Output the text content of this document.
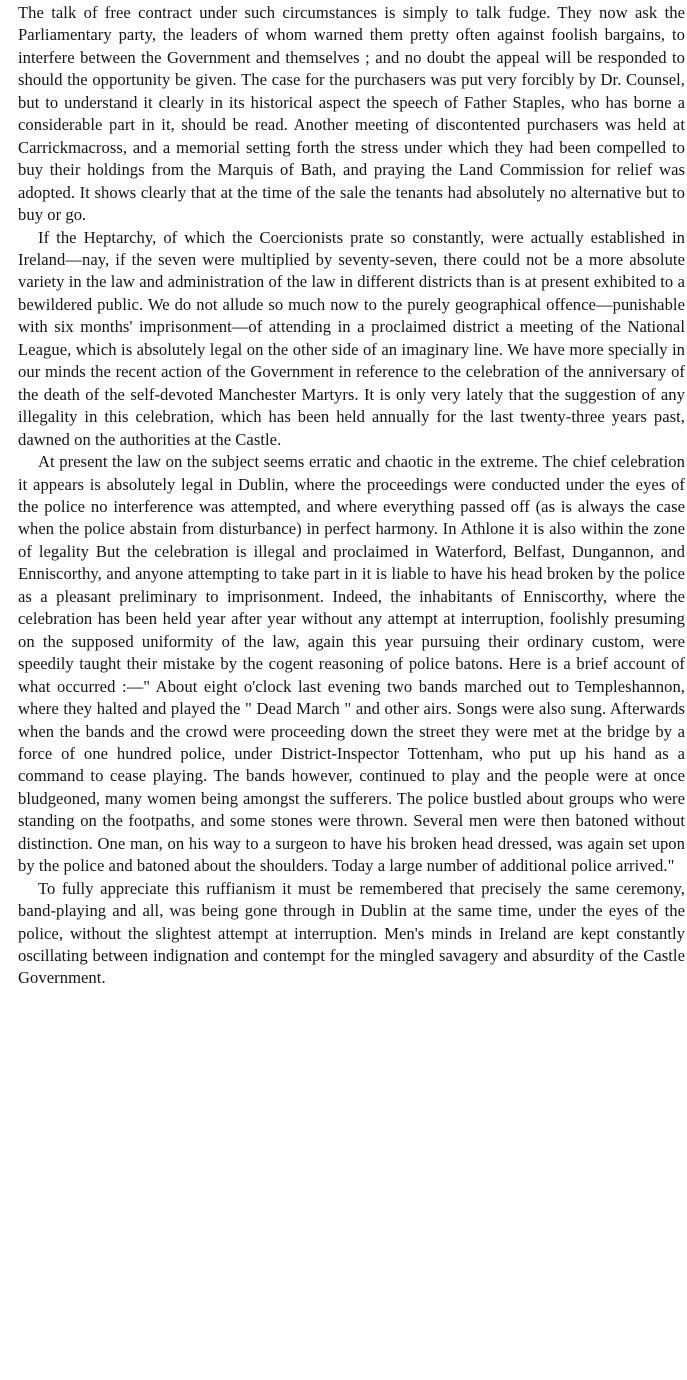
The talk of free contract under such circumstances is simply to talk fudge. They now ask the Parliamentary party, the leaders of whom warned them pretty often against foolish bargains, to interfere between the Government and themselves ; and no doubt the appeal will be responded to should the opportunity be given. The case for the purchasers was put very forcibly by Dr. Counsel, but to understand it clearly in its historical aspect the speech of Father Staples, who has borne a considerable part in it, should be read. Another meeting of discontented purchasers was held at Carrickmacross, and a memorial setting forth the stress under which they had been compelled to buy their holdings from the Marquis of Bath, and praying the Land Commission for relief was adopted. It shows clearly that at the time of the sale the tenants had absolutely no alternative but to buy or go.

If the Heptarchy, of which the Coercionists prate so constantly, were actually established in Ireland—nay, if the seven were multiplied by seventy-seven, there could not be a more absolute variety in the law and administration of the law in different districts than is at present exhibited to a bewildered public. We do not allude so much now to the purely geographical offence—punishable with six months' imprisonment—of attending in a proclaimed district a meeting of the National League, which is absolutely legal on the other side of an imaginary line. We have more specially in our minds the recent action of the Government in reference to the celebration of the anniversary of the death of the self-devoted Manchester Martyrs. It is only very lately that the suggestion of any illegality in this celebration, which has been held annually for the last twenty-three years past, dawned on the authorities at the Castle.

At present the law on the subject seems erratic and chaotic in the extreme. The chief celebration it appears is absolutely legal in Dublin, where the proceedings were conducted under the eyes of the police no interference was attempted, and where everything passed off (as is always the case when the police abstain from disturbance) in perfect harmony. In Athlone it is also within the zone of legality But the celebration is illegal and proclaimed in Waterford, Belfast, Dungannon, and Enniscorthy, and anyone attempting to take part in it is liable to have his head broken by the police as a pleasant preliminary to imprisonment. Indeed, the inhabitants of Enniscorthy, where the celebration has been held year after year without any attempt at interruption, foolishly presuming on the supposed uniformity of the law, again this year pursuing their ordinary custom, were speedily taught their mistake by the cogent reasoning of police batons. Here is a brief account of what occurred :—" About eight o'clock last evening two bands marched out to Templeshannon, where they halted and played the " Dead March " and other airs. Songs were also sung. Afterwards when the bands and the crowd were proceeding down the street they were met at the bridge by a force of one hundred police, under District-Inspector Tottenham, who put up his hand as a command to cease playing. The bands however, continued to play and the people were at once bludgeoned, many women being amongst the sufferers. The police bustled about groups who were standing on the footpaths, and some stones were thrown. Several men were then batoned without distinction. One man, on his way to a surgeon to have his broken head dressed, was again set upon by the police and batoned about the shoulders. Today a large number of additional police arrived."

To fully appreciate this ruffianism it must be remembered that precisely the same ceremony, band-playing and all, was being gone through in Dublin at the same time, under the eyes of the police, without the slightest attempt at interruption. Men's minds in Ireland are kept constantly oscillating between indignation and contempt for the mingled savagery and absurdity of the Castle Government.
